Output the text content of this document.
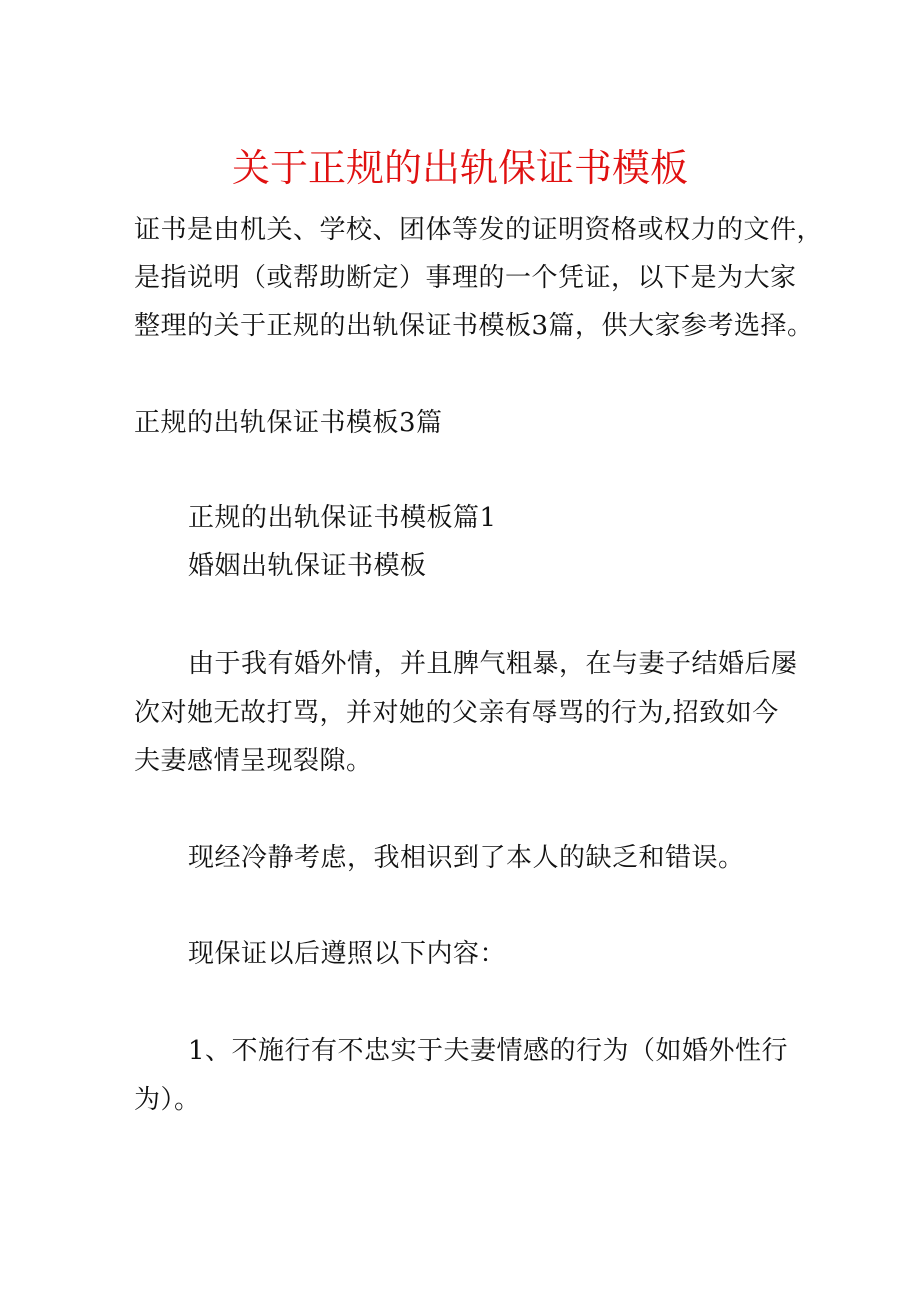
关于正规的出轨保证书模板
证书是由机关、学校、团体等发的证明资格或权力的文件，
是指说明（或帮助断定）事理的一个凭证，以下是为大家
整理的关于正规的出轨保证书模板3篇，供大家参考选择。
正规的出轨保证书模板3篇
正规的出轨保证书模板篇1
婚姻出轨保证书模板
由于我有婚外情，并且脾气粗暴，在与妻子结婚后屡
次对她无故打骂，并对她的父亲有辱骂的行为,招致如今
夫妻感情呈现裂隙。
现经冷静考虑，我相识到了本人的缺乏和错误。
现保证以后遵照以下内容：
1、不施行有不忠实于夫妻情感的行为（如婚外性行
为）。
